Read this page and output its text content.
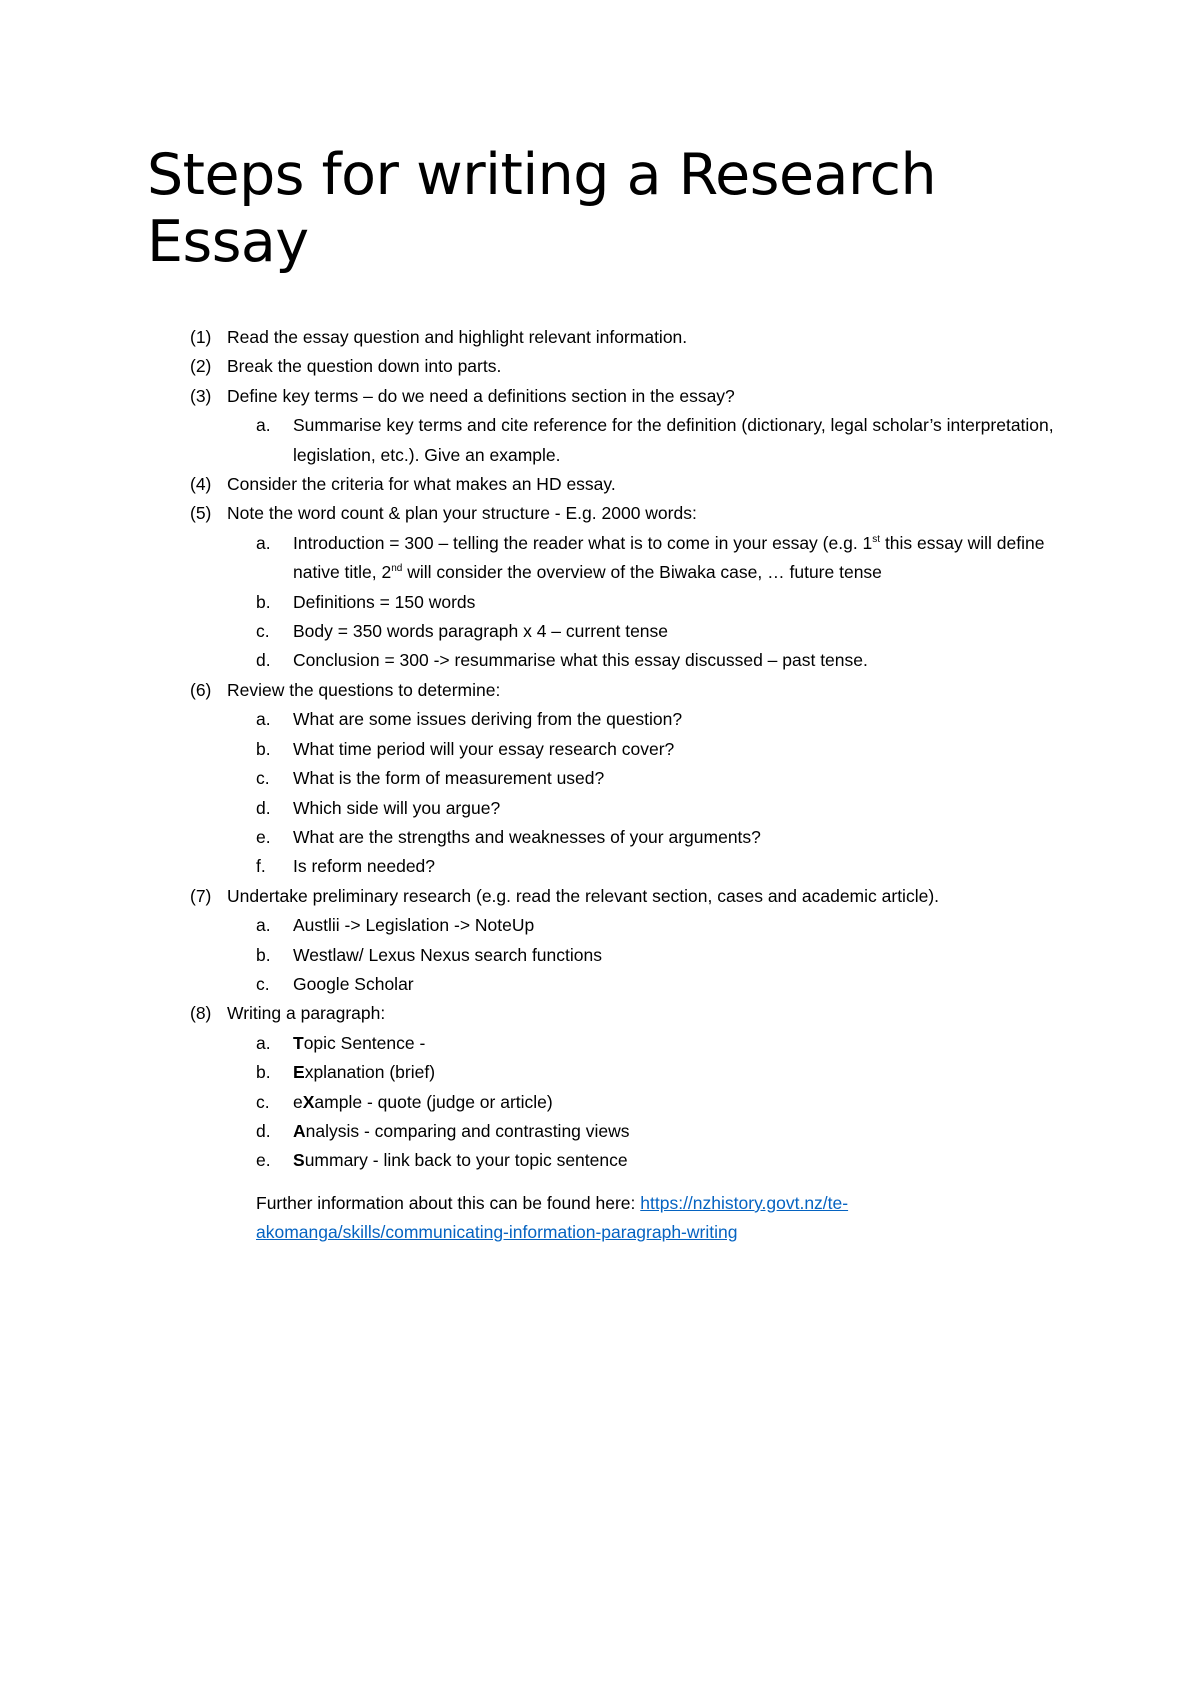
Steps for writing a Research Essay
(1) Read the essay question and highlight relevant information.
(2) Break the question down into parts.
(3) Define key terms – do we need a definitions section in the essay?
a. Summarise key terms and cite reference for the definition (dictionary, legal scholar’s interpretation, legislation, etc.). Give an example.
(4) Consider the criteria for what makes an HD essay.
(5) Note the word count & plan your structure - E.g. 2000 words:
a. Introduction = 300 – telling the reader what is to come in your essay (e.g. 1st this essay will define native title, 2nd will consider the overview of the Biwaka case, … future tense
b. Definitions = 150 words
c. Body = 350 words paragraph x 4 – current tense
d. Conclusion = 300 -> resummarise what this essay discussed – past tense.
(6) Review the questions to determine:
a. What are some issues deriving from the question?
b. What time period will your essay research cover?
c. What is the form of measurement used?
d. Which side will you argue?
e. What are the strengths and weaknesses of your arguments?
f. Is reform needed?
(7) Undertake preliminary research (e.g. read the relevant section, cases and academic article).
a. Austlii -> Legislation -> NoteUp
b. Westlaw/ Lexus Nexus search functions
c. Google Scholar
(8) Writing a paragraph:
a. Topic Sentence -
b. Explanation (brief)
c. eXample - quote (judge or article)
d. Analysis - comparing and contrasting views
e. Summary - link back to your topic sentence
Further information about this can be found here: https://nzhistory.govt.nz/te-akomanga/skills/communicating-information-paragraph-writing
